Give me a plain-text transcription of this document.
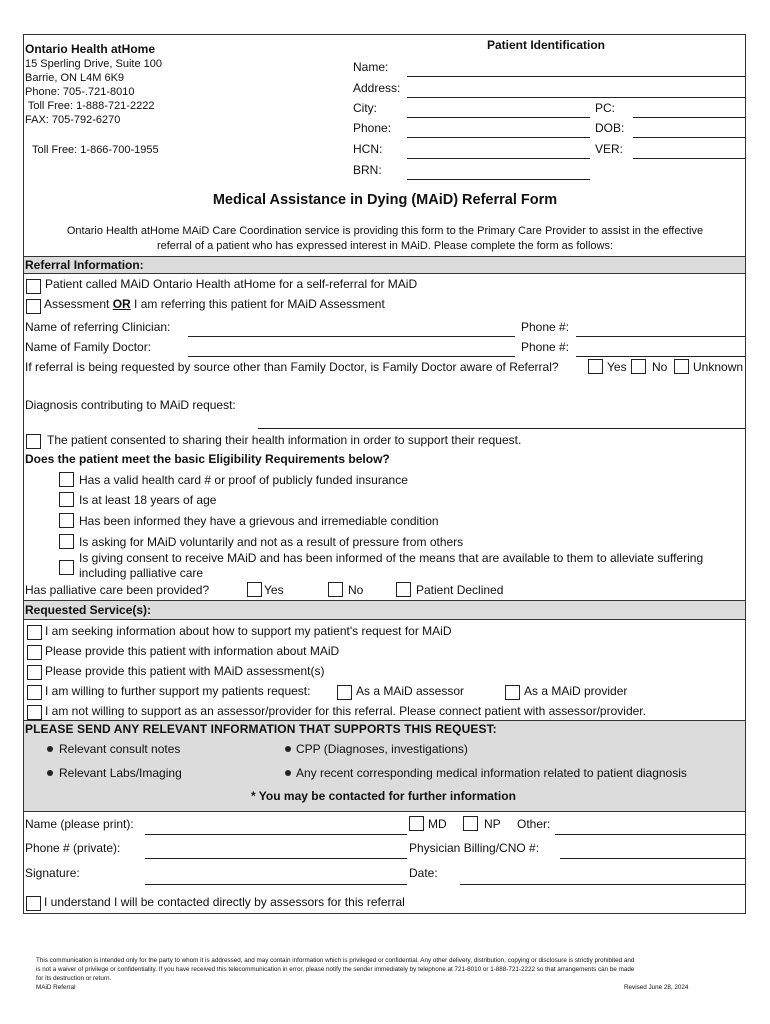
Ontario Health atHome
15 Sperling Drive, Suite 100
Barrie, ON L4M 6K9
Phone: 705-.721-8010
Toll Free: 1-888-721-2222
FAX: 705-792-6270
Toll Free: 1-866-700-1955
Patient Identification
Name:
Address:
City:	PC:
Phone:	DOB:
HCN:	VER:
BRN:
Medical Assistance in Dying (MAiD) Referral Form
Ontario Health atHome MAiD Care Coordination service is providing this form to the Primary Care Provider to assist in the effective
referral of a patient who has expressed interest in MAiD. Please complete the form as follows:
Referral Information:
Patient called MAiD Ontario Health atHome for a self-referral for MAiD
Assessment OR I am referring this patient for MAiD Assessment
Name of referring Clinician:	Phone #:
Name of Family Doctor:	Phone #:
If referral is being requested by source other than Family Doctor, is Family Doctor aware of Referral?	Yes No Unknown
Diagnosis contributing to MAiD request:
The patient consented to sharing their health information in order to support their request.
Does the patient meet the basic Eligibility Requirements below?
Has a valid health card # or proof of publicly funded insurance
Is at least 18 years of age
Has been informed they have a grievous and irremediable condition
Is asking for MAiD voluntarily and not as a result of pressure from others
Is giving consent to receive MAiD and has been informed of the means that are available to them to alleviate suffering
including palliative care
Has palliative care been provided?	Yes	No	Patient Declined
Requested Service(s):
I am seeking information about how to support my patient's request for MAiD
Please provide this patient with information about MAiD
Please provide this patient with MAiD assessment(s)
I am willing to further support my patients request:	As a MAiD assessor	As a MAiD provider
I am not willing to support as an assessor/provider for this referral. Please connect patient with assessor/provider.
PLEASE SEND ANY RELEVANT INFORMATION THAT SUPPORTS THIS REQUEST:
Relevant consult notes	CPP (Diagnoses, investigations)
Relevant Labs/Imaging	Any recent corresponding medical information related to patient diagnosis
* You may be contacted for further information
Name (please print):	MD	NP Other:
Phone # (private):	Physician Billing/CNO #:
Signature:	Date:
I understand I will be contacted directly by assessors for this referral
This communication is intended only for the party to whom it is addressed, and may contain information which is privileged or confidential. Any other delivery, distribution, copying or disclosure is strictly prohibited and
is not a waiver of privilege or confidentiality. If you have received this telecommunication in error, please notify the sender immediately by telephone at 721-8010 or 1-888-721-2222 so that arrangements can be made
for its destruction or return.
MAiD Referral	Revised June 28, 2024
